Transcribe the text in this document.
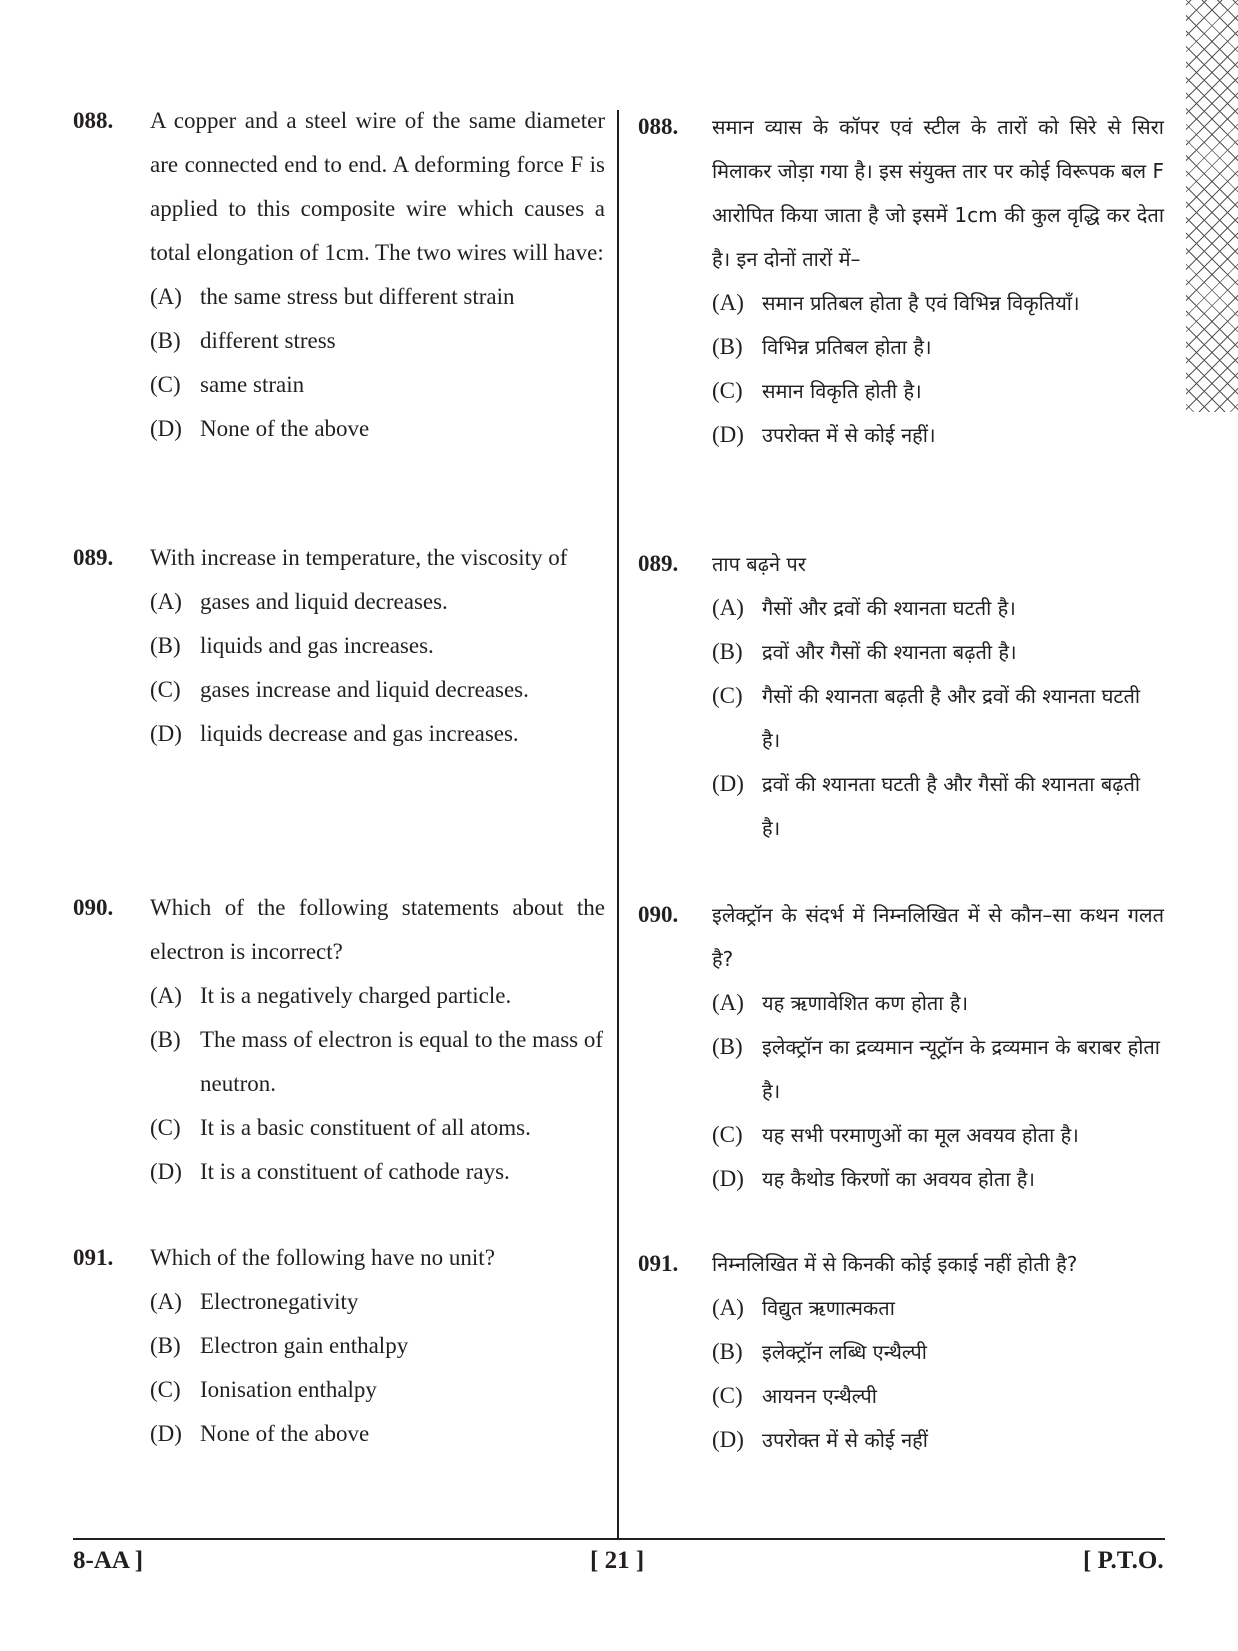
088. A copper and a steel wire of the same diameter are connected end to end. A deforming force F is applied to this composite wire which causes a total elongation of 1cm. The two wires will have:
(A) the same stress but different strain
(B) different stress
(C) same strain
(D) None of the above
089. With increase in temperature, the viscosity of
(A) gases and liquid decreases.
(B) liquids and gas increases.
(C) gases increase and liquid decreases.
(D) liquids decrease and gas increases.
090. Which of the following statements about the electron is incorrect?
(A) It is a negatively charged particle.
(B) The mass of electron is equal to the mass of neutron.
(C) It is a basic constituent of all atoms.
(D) It is a constituent of cathode rays.
091. Which of the following have no unit?
(A) Electronegativity
(B) Electron gain enthalpy
(C) Ionisation enthalpy
(D) None of the above
088. समान व्यास के कॉपर एवं स्टील के तारों को सिरे से सिरा मिलाकर जोड़ा गया है। इस संयुक्त तार पर कोई विरूपक बल F आरोपित किया जाता है जो इसमें 1cm की कुल वृद्धि कर देता है। इन दोनों तारों में–
(A) समान प्रतिबल होता है एवं विभिन्न विकृतियाँ।
(B) विभिन्न प्रतिबल होता है।
(C) समान विकृति होती है।
(D) उपरोक्त में से कोई नहीं।
089. ताप बढ़ने पर
(A) गैसों और द्रवों की श्यानता घटती है।
(B) द्रवों और गैसों की श्यानता बढ़ती है।
(C) गैसों की श्यानता बढ़ती है और द्रवों की श्यानता घटती है।
(D) द्रवों की श्यानता घटती है और गैसों की श्यानता बढ़ती है।
090. इलेक्ट्रॉन के संदर्भ में निम्नलिखित में से कौन–सा कथन गलत है?
(A) यह ऋणावेशित कण होता है।
(B) इलेक्ट्रॉन का द्रव्यमान न्यूट्रॉन के द्रव्यमान के बराबर होता है।
(C) यह सभी परमाणुओं का मूल अवयव होता है।
(D) यह कैथोड किरणों का अवयव होता है।
091. निम्नलिखित में से किनकी कोई इकाई नहीं होती है?
(A) विद्युत ऋणात्मकता
(B) इलेक्ट्रॉन लब्धि एन्थैल्पी
(C) आयनन एन्थैल्पी
(D) उपरोक्त में से कोई नहीं
8-AA ]	[ 21 ]	[ P.T.O.
